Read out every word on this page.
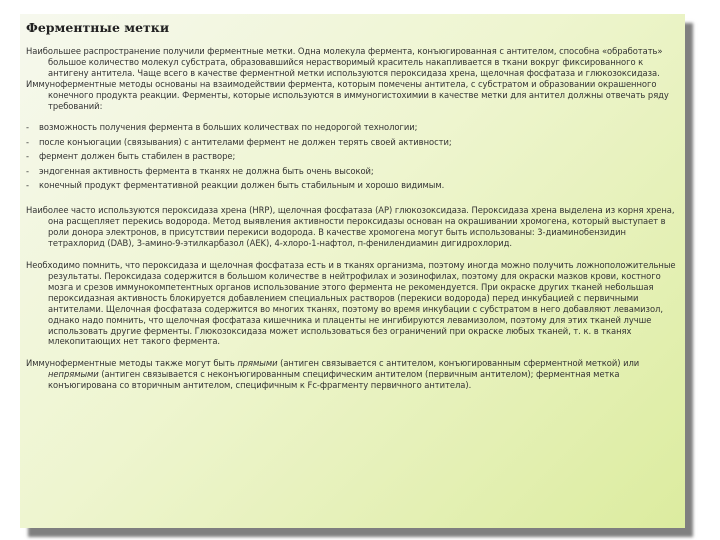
Ферментные метки

Наибольшее распространение получили ферментные метки. Одна молекула фермента, конъюгированная с антителом, способна «обработать» большое количество молекул субстрата, образовавшийся нерастворимый краситель накапливается в ткани вокруг фиксированного к антигену антитела. Чаще всего в качестве ферментной метки используются пероксидаза хрена, щелочная фосфатаза и глюкозоксидаза.

Иммуноферментные методы основаны на взаимодействии фермента, которым помечены антитела, с субстратом и образовании окрашенного конечного продукта реакции. Ферменты, которые используются в иммуногистохимии в качестве метки для антител должны отвечать ряду требований:

- возможность получения фермента в больших количествах по недорогой технологии;
- после конъюгации (связывания) с антителами фермент не должен терять своей активности;
- фермент должен быть стабилен в растворе;
- эндогенная активность фермента в тканях не должна быть очень высокой;
- конечный продукт ферментативной реакции должен быть стабильным и хорошо видимым.

Наиболее часто используются пероксидаза хрена (HRP), щелочная фосфатаза (АР) глюкозоксидаза. Пероксидаза хрена выделена из корня хрена, она расщепляет перекись водорода. Метод выявления активности пероксидазы основан на окрашивании хромогена, который выступает в роли донора электронов, в присутствии перекиси водорода. В качестве хромогена могут быть использованы: 3-диаминобензидин тетрахлорид (DAB), 3-амино-9-этилкарбазол (AEK), 4-хлоро-1-нафтол, п-фенилендиамин дигидрохлорид.

Необходимо помнить, что пероксидаза и щелочная фосфатаза есть и в тканях организма, поэтому иногда можно получить ложноположительные результаты. Пероксидаза содержится в большом количестве в нейтрофилах и эозинофилах, поэтому для окраски мазков крови, костного мозга и срезов иммунокомпетентных органов использование этого фермента не рекомендуется. При окраске других тканей небольшая пероксидазная активность блокируется добавлением специальных растворов (перекиси водорода) перед инкубацией с первичными антителами. Щелочная фосфатаза содержится во многих тканях, поэтому во время инкубации с субстратом в него добавляют левамизол, однако надо помнить, что щелочная фосфатаза кишечника и плаценты не ингибируются левамизолом, поэтому для этих тканей лучше использовать другие ферменты. Глюкозоксидаза может использоваться без ограничений при окраске любых тканей, т. к. в тканях млекопитающих нет такого фермента.

Иммуноферментные методы также могут быть прямыми (антиген связывается с антителом, конъюгированным сферментной меткой) или непрямыми (антиген связывается с неконъюгированным специфическим антителом (первичным антителом); ферментная метка конъюгирована со вторичным антителом, специфичным к Fc-фрагменту первичного антитела).
